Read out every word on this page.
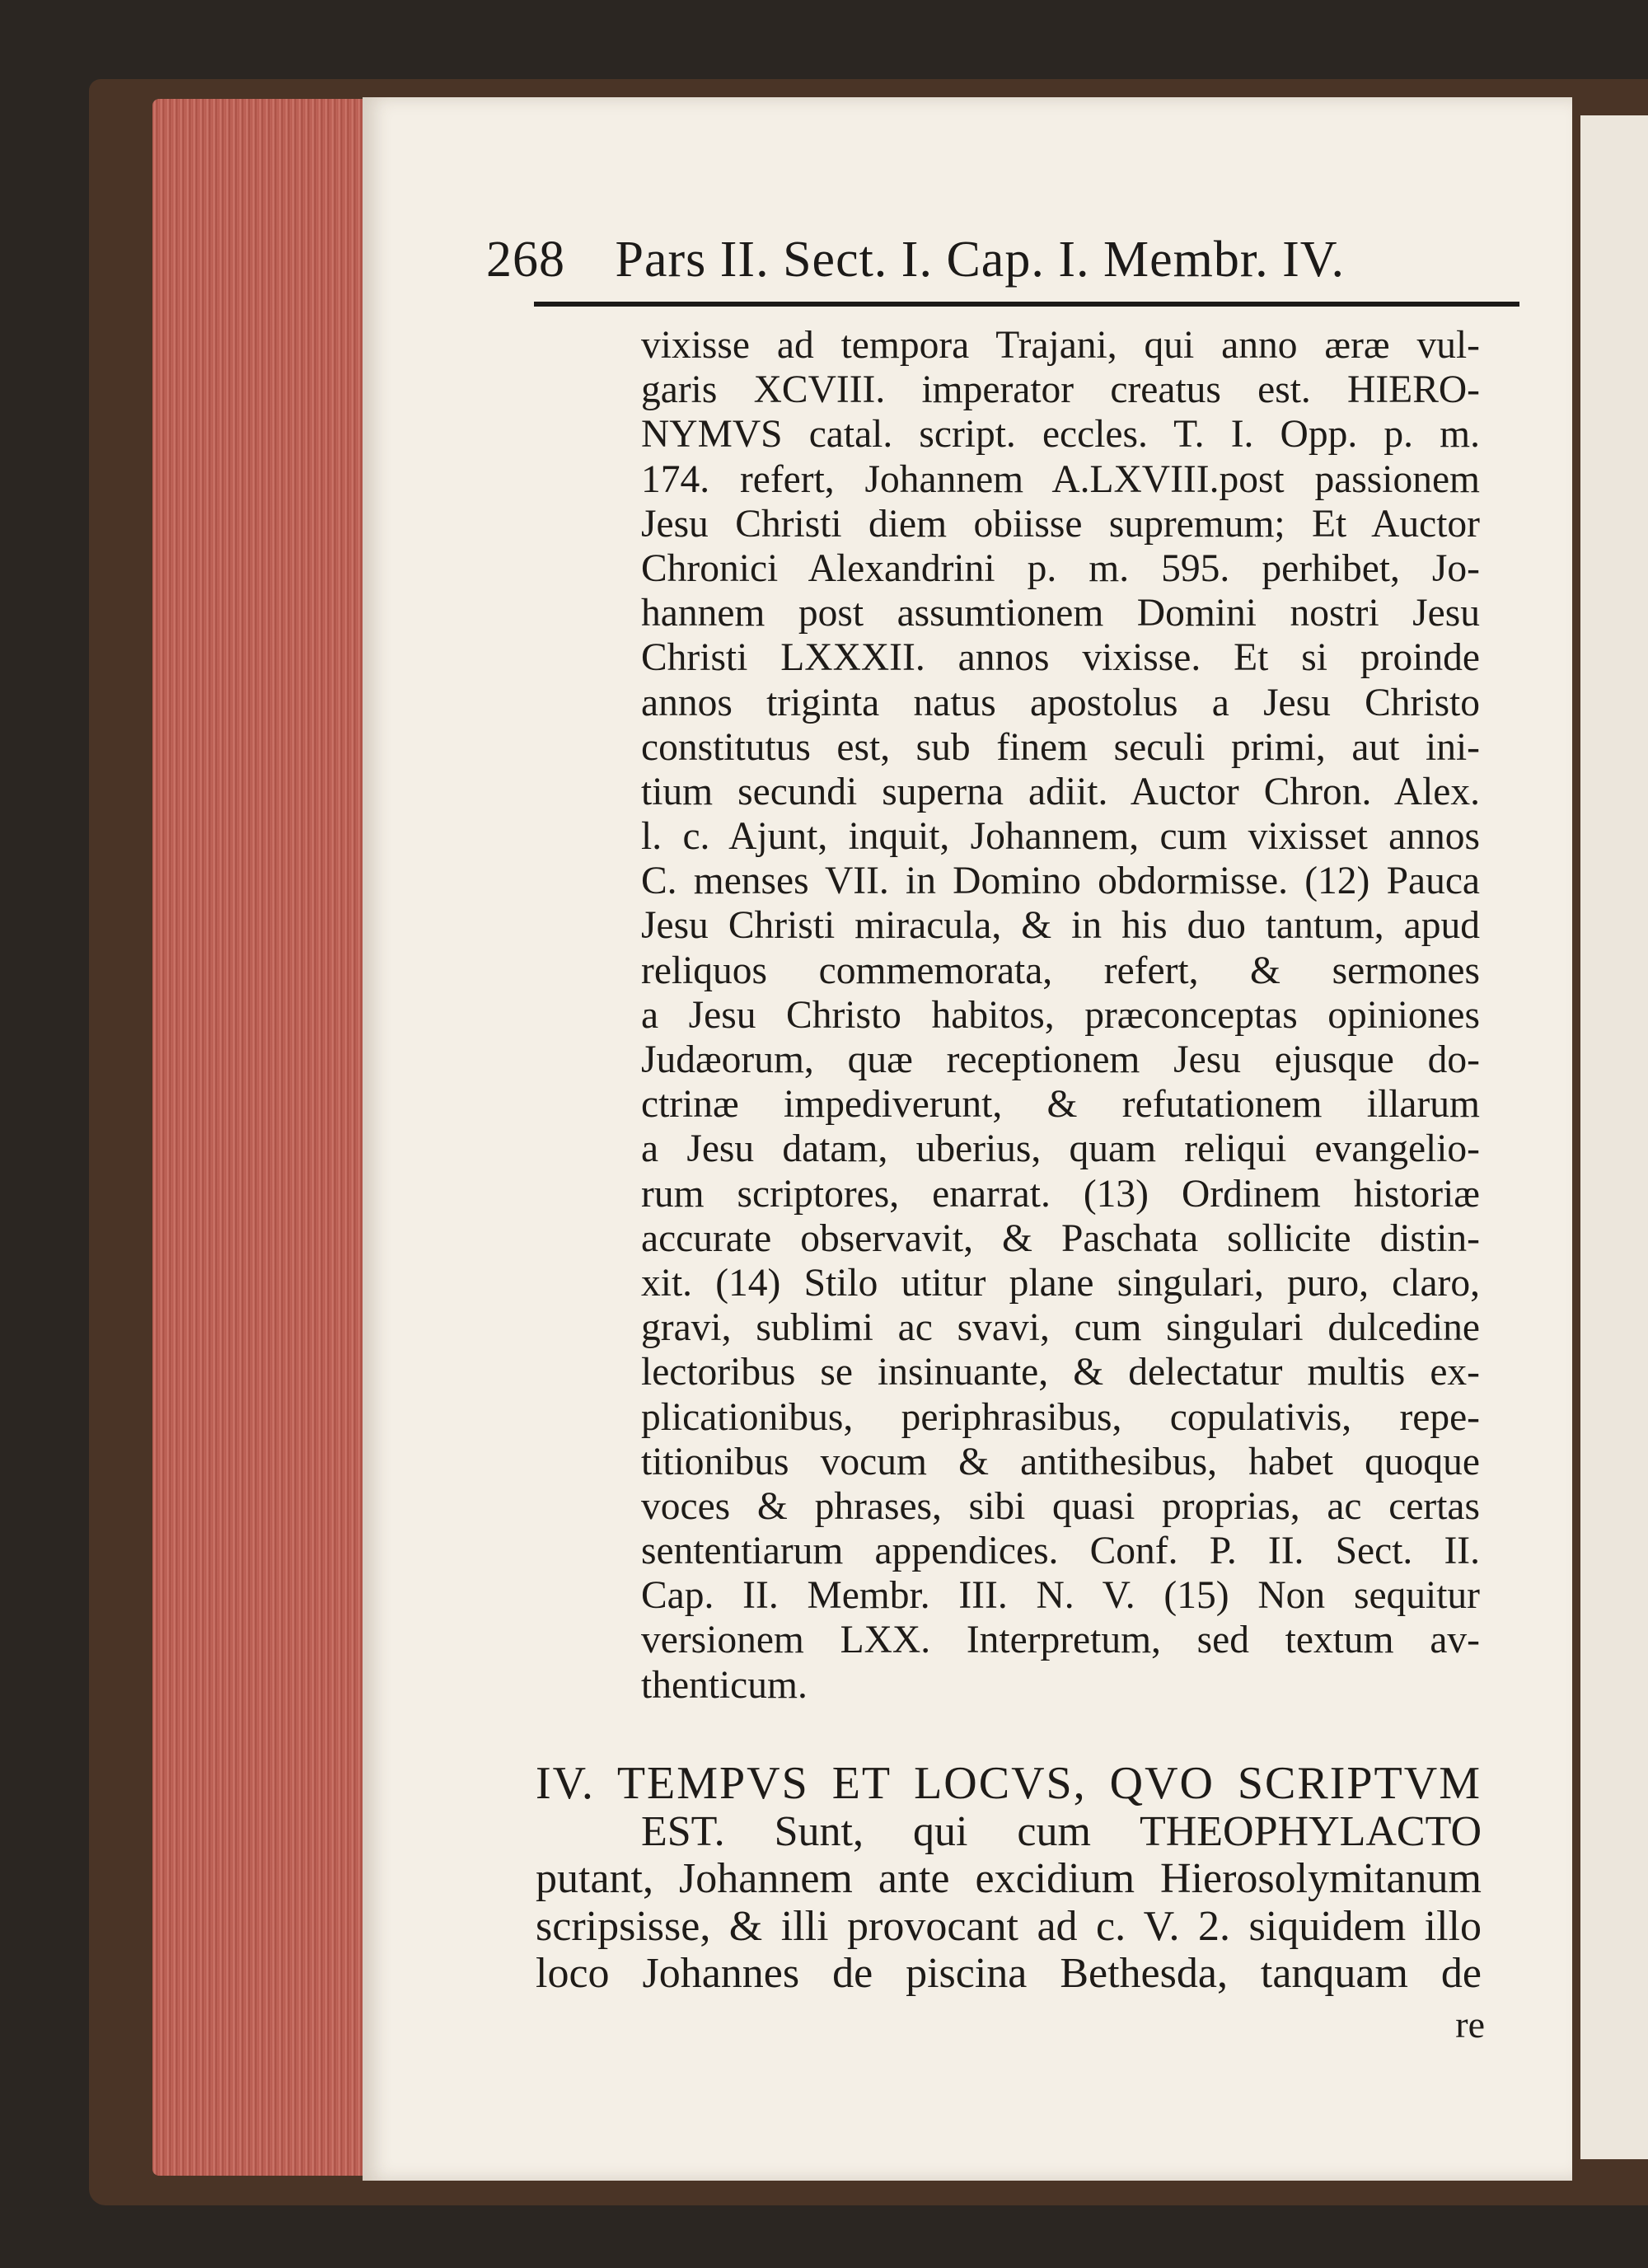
268 Pars II. Sect. I. Cap. I. Membr. IV.
vixisse ad tempora Trajani, qui anno æræ vul-
garis XCVIII. imperator creatus est. HIERO-
NYMVS catal. script. eccles. T. I. Opp. p. m.
174. refert, Johannem A.LXVIII.post passionem
Jesu Christi diem obiisse supremum; Et Auctor
Chronici Alexandrini p. m. 595. perhibet, Jo-
hannem post assumtionem Domini nostri Jesu
Christi LXXXII. annos vixisse. Et si proinde
annos triginta natus apostolus a Jesu Christo
constitutus est, sub finem seculi primi, aut ini-
tium secundi superna adiit. Auctor Chron. Alex.
l. c. Ajunt, inquit, Johannem, cum vixisset annos
C. menses VII. in Domino obdormisse. (12) Pauca
Jesu Christi miracula, & in his duo tantum, apud
reliquos commemorata, refert, & sermones
a Jesu Christo habitos, præconceptas opiniones
Judæorum, quæ receptionem Jesu ejusque do-
ctrinæ impediverunt, & refutationem illarum
a Jesu datam, uberius, quam reliqui evangelio-
rum scriptores, enarrat. (13) Ordinem historiæ
accurate observavit, & Paschata sollicite distin-
xit. (14) Stilo utitur plane singulari, puro, claro,
gravi, sublimi ac svavi, cum singulari dulcedine
lectoribus se insinuante, & delectatur multis ex-
plicationibus, periphrasibus, copulativis, repe-
titionibus vocum & antithesibus, habet quoque
voces & phrases, sibi quasi proprias, ac certas
sententiarum appendices. Conf. P. II. Sect. II.
Cap. II. Membr. III. N. V. (15) Non sequitur
versionem LXX. Interpretum, sed textum av-
thenticum.
IV. TEMPVS ET LOCVS, QVO SCRIPTVM
EST. Sunt, qui cum THEOPHYLACTO
putant, Johannem ante excidium Hierosolymitanum
scripsisse, & illi provocant ad c. V. 2. siquidem illo
loco Johannes de piscina Bethesda, tanquam de
re
